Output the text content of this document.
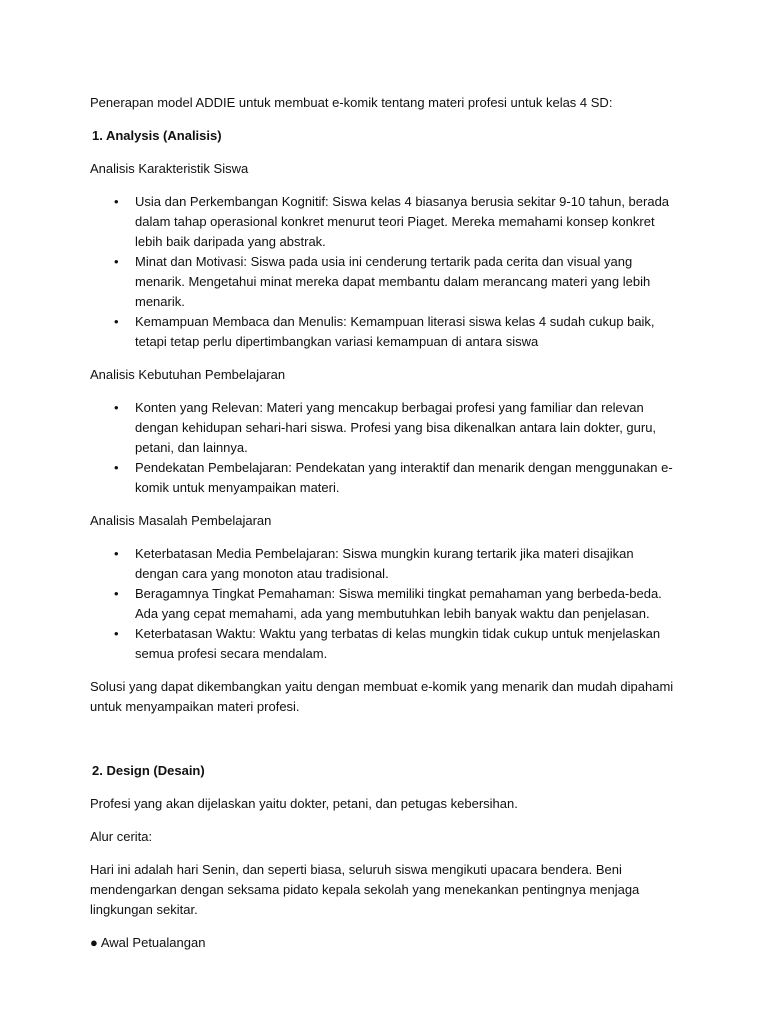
Penerapan model ADDIE untuk membuat e-komik tentang materi profesi untuk kelas 4 SD:

1. Analysis (Analisis)

Analisis Karakteristik Siswa

• Usia dan Perkembangan Kognitif: Siswa kelas 4 biasanya berusia sekitar 9-10 tahun, berada dalam tahap operasional konkret menurut teori Piaget. Mereka memahami konsep konkret lebih baik daripada yang abstrak.
• Minat dan Motivasi: Siswa pada usia ini cenderung tertarik pada cerita dan visual yang menarik. Mengetahui minat mereka dapat membantu dalam merancang materi yang lebih menarik.
• Kemampuan Membaca dan Menulis: Kemampuan literasi siswa kelas 4 sudah cukup baik, tetapi tetap perlu dipertimbangkan variasi kemampuan di antara siswa

Analisis Kebutuhan Pembelajaran

• Konten yang Relevan: Materi yang mencakup berbagai profesi yang familiar dan relevan dengan kehidupan sehari-hari siswa. Profesi yang bisa dikenalkan antara lain dokter, guru, petani, dan lainnya.
• Pendekatan Pembelajaran: Pendekatan yang interaktif dan menarik dengan menggunakan e-komik untuk menyampaikan materi.

Analisis Masalah Pembelajaran

• Keterbatasan Media Pembelajaran: Siswa mungkin kurang tertarik jika materi disajikan dengan cara yang monoton atau tradisional.
• Beragamnya Tingkat Pemahaman: Siswa memiliki tingkat pemahaman yang berbeda-beda. Ada yang cepat memahami, ada yang membutuhkan lebih banyak waktu dan penjelasan.
• Keterbatasan Waktu: Waktu yang terbatas di kelas mungkin tidak cukup untuk menjelaskan semua profesi secara mendalam.

Solusi yang dapat dikembangkan yaitu dengan membuat e-komik yang menarik dan mudah dipahami untuk menyampaikan materi profesi.

2. Design (Desain)

Profesi yang akan dijelaskan yaitu dokter, petani, dan petugas kebersihan.

Alur cerita:

Hari ini adalah hari Senin, dan seperti biasa, seluruh siswa mengikuti upacara bendera. Beni mendengarkan dengan seksama pidato kepala sekolah yang menekankan pentingnya menjaga lingkungan sekitar.

● Awal Petualangan
